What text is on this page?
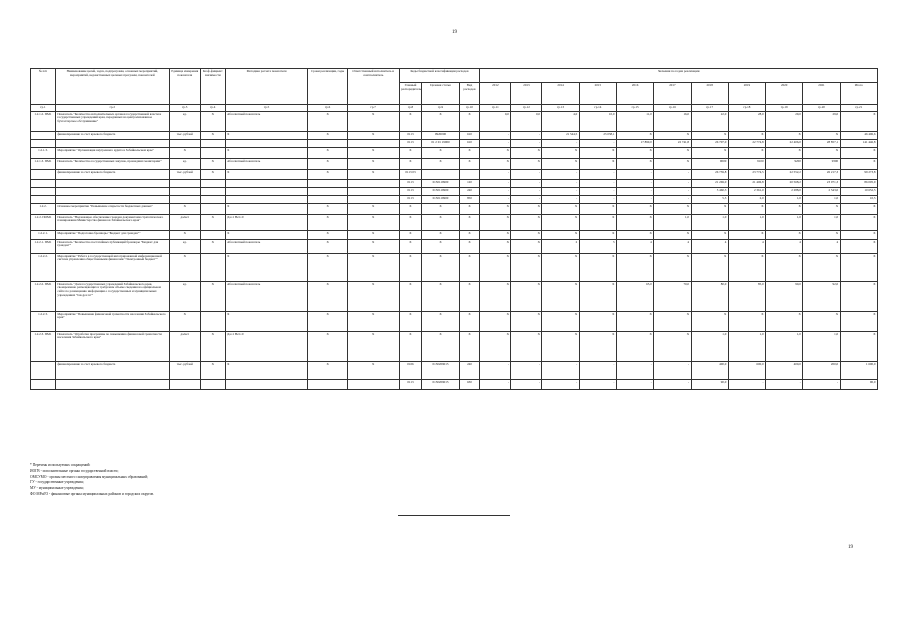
19
№ п/п	Наименование целей, задач, подпрограмм, основных мероприятий, мероприятий, ведомственных целевых программ, показателей	Единица измерения показателя	Коэф-фициент значимости	Методика расчета показателя	Сроки реализации, годы	Ответственный исполнитель и соисполнитель	Коды бюджетной классификации расходов			Значения по годам реализации										
							Главный распорядитель	Целевая статья	Вид расходов	2012	2013	2014	2015	2016	2017	2018	2019	2020	2021	Итого
гр.1	гр.2	гр.3	гр.4	гр.5	гр.6	гр.7	гр.8	гр.9	гр.10	гр.11	гр.12	гр.13	гр.14	гр.15	гр.16	гр.17	гр.18	гр.19	гр.20	гр.21
1.2.1.2. ПМ1	Показатель "Количество исполнительных органов государственной власти и государственных учреждений края, переданных на централизованное бухгалтерское обслуживание"	ед.	Х	Абсолютный показатель	Х	Х	Х	Х	Х	0,0	0,0	4,0	10,0	11,0	16,0	22,0	28,0	29,0	29,0	Х
	финансирование за счет краевого бюджета	тыс. рублей	Х	Х	Х	Х	0113	0920000	610	-	-	21 544,5	23 038,1	Х	Х	Х	Х	Х	Х	46 406,6
							0113	01 2 01 19900	610	-	-	-	-	17 890,0	22 741,8	26 707,0	22 774,8	22 406,0	28 857,1	141 446,8
1.2.1.3.	Мероприятие "Организация внутреннего аудита в Забайкальском крае"	Х		Х	Х	Х	Х	Х	Х	Х	Х	Х	Х	Х	Х	Х	Х	Х	Х	Х
1.2.1.3. ПМ1	Показатель "Количество государственных закупок, прошедших мониторинг"	ед.	Х	Абсолютный показатель	Х	Х	Х	Х	Х	Х	Х	Х	Х	Х	Х	9000	9100	9200	9300	Х
	финансирование за счет краевого бюджета	тыс. рублей	Х	Х	Х	Х	0113 03			-	-	-	-	-	-	26 739,8	23 774,5	22 552,2	26 217,3	99 273,8
							0113	0150119900	120	-	-	-	-	-	-	21 269,0	21 406,8	20 568,2	23 071,3	86 005,9
							0113	0150119900	240	-	-	-	-	-	-	5 460,3	2 361,0	2 288,0	2 543,0	10 652,5
							0113	0150119900	850	-	-	-	-	-	-	5,5	2,0	1,0	1,0	10,5
1.2.2.	Основное мероприятие "Повышение открытости бюджетных данных"	Х		Х	Х	Х	Х	Х	Х	Х	Х	Х	Х	Х	Х	Х	Х	Х	Х	Х
1.2.2. ПОМ1	Показатель "Надлежащее обеспечение граждан документами стратегического планирования Министерства финансов Забайкальского края"	да/нет	Х	Да=1 Нет=0	Х	Х	Х	Х	Х	Х	Х	Х	Х	Х	1,0	1,0	1,0	1,0	1,0	Х
1.2.2.1.	Мероприятие "Подготовка брошюры "Бюджет для граждан""	Х		Х	Х	Х	Х	Х	Х	Х	Х	Х	Х	Х	Х	Х	Х	Х	Х	Х
1.2.2.1. ПМ1	Показатель "Количество постатейных публикаций брошюры "Бюджет для граждан""	ед.	Х	Абсолютный показатель	Х	Х	Х	Х	Х	Х	Х	2	3	4	4	4	4	4	4	Х
1.2.2.2.	Мероприятие "Работа в государственной интегрированной информационной системе управления общественными финансами "Электронный бюджет""	Х		Х	Х	Х	Х	Х	Х	Х	Х	Х	Х	Х	Х	Х	Х	Х	Х	Х
1.2.2.2. ПМ1	Показатель "Доля государственных учреждений Забайкальского края, своевременно размещающих в требуемом объеме сведения на официальном сайте по размещению информации о государственных и муниципальных учреждениях "bus.gov.ru""	ед.	Х	Абсолютный показатель	Х	Х	Х	Х	Х	Х	Х	Х	Х	65,0	70,0	80,0	85,0	90,0	92,0	Х
1.2.2.3.	Мероприятие "Повышение финансовой грамотности населения Забайкальского края"	Х		Х	Х	Х	Х	Х	Х	Х	Х	Х	Х	Х	Х	Х	Х	Х	Х	Х
1.2.2.3. ПМ1	Показатель "Отработка программы по повышению финансовой грамотности населения Забайкальского края"	да/нет	Х	Да=1 Нет=0	Х	Х	Х	Х	Х	Х	Х	Х	Х	Х	Х	1,0	1,0	1,0	1,0	Х
	финансирование за счет краевого бюджета	тыс. рублей	Х	Х	Х	Х	0106	0150209015	240	-	-	-	-	-	-	400,0	600,0	400,0	200,0	1 600,0
							0113	0150209015	630	-	-	-	-	-	-	90,0	-	-	-	90,0
* Перечень используемых сокращений:
ИОГВ - исполнительные органы государственной власти;
ОМСУМО - органы местного самоуправления муниципальных образований;
ГУ - государственные учреждения;
МУ - муниципальные учреждения;
ФО МРиГО - финансовые органы муниципальных районов и городских округов.
19
